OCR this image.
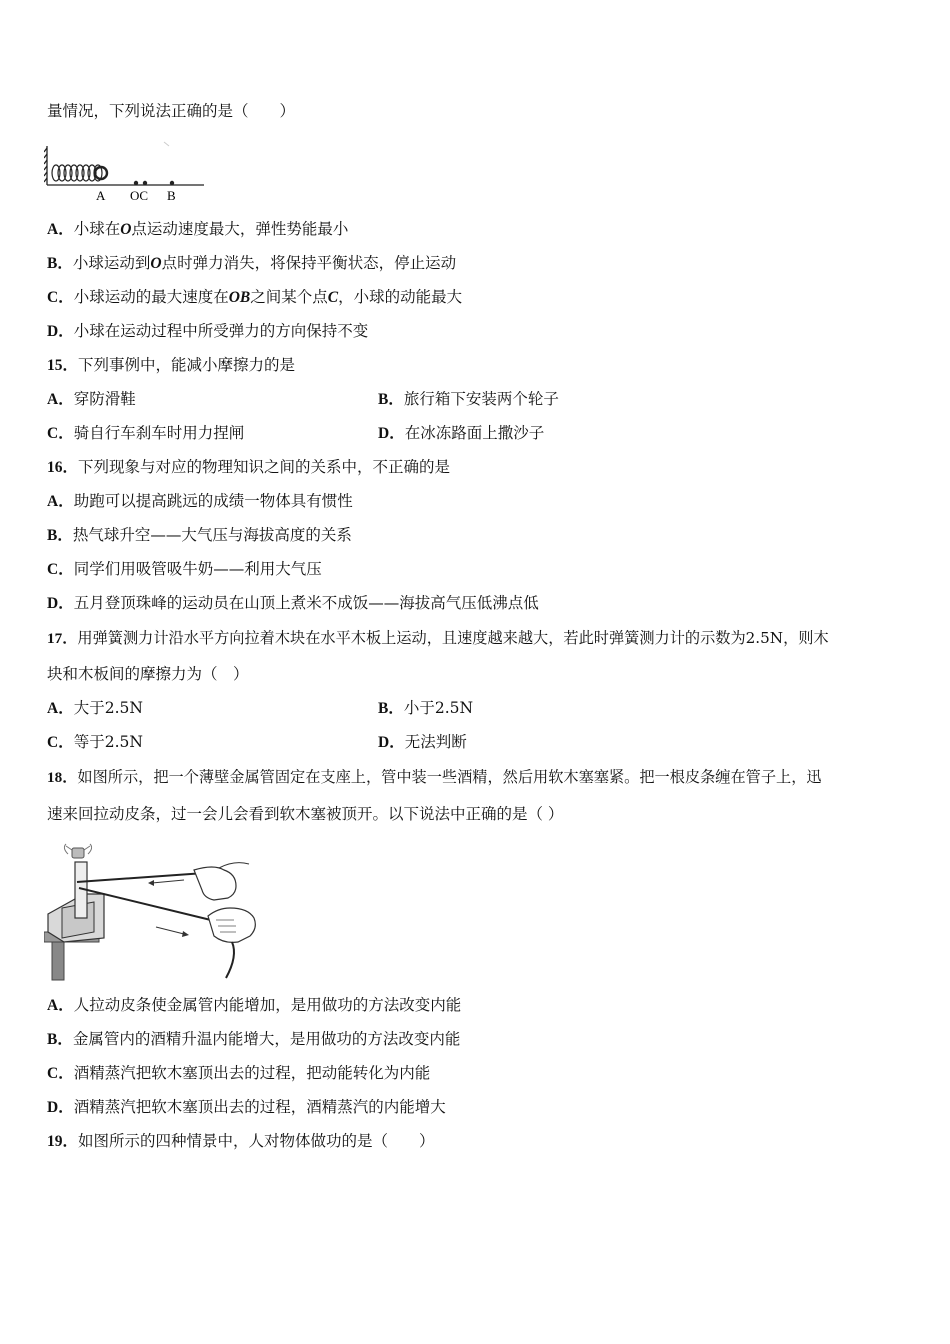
量情况，下列说法正确的是（　　）
A OC B
A．小球在O点运动速度最大，弹性势能最小
B．小球运动到O点时弹力消失，将保持平衡状态，停止运动
C．小球运动的最大速度在OB之间某个点C，小球的动能最大
D．小球在运动过程中所受弹力的方向保持不变
15．下列事例中，能减小摩擦力的是
A．穿防滑鞋	B．旅行箱下安装两个轮子
C．骑自行车刹车时用力捏闸	D．在冰冻路面上撒沙子
16．下列现象与对应的物理知识之间的关系中，不正确的是
A．助跑可以提高跳远的成绩一物体具有惯性
B．热气球升空——大气压与海拔高度的关系
C．同学们用吸管吸牛奶——利用大气压
D．五月登顶珠峰的运动员在山顶上煮米不成饭——海拔高气压低沸点低
17．用弹簧测力计沿水平方向拉着木块在水平木板上运动，且速度越来越大，若此时弹簧测力计的示数为2.5N，则木
块和木板间的摩擦力为（　）
A．大于2.5N	B．小于2.5N
C．等于2.5N	D．无法判断
18．如图所示，把一个薄壁金属管固定在支座上，管中装一些酒精，然后用软木塞塞紧。把一根皮条缠在管子上，迅
速来回拉动皮条，过一会儿会看到软木塞被顶开。以下说法中正确的是（ ）
A．人拉动皮条使金属管内能增加，是用做功的方法改变内能
B．金属管内的酒精升温内能增大，是用做功的方法改变内能
C．酒精蒸汽把软木塞顶出去的过程，把动能转化为内能
D．酒精蒸汽把软木塞顶出去的过程，酒精蒸汽的内能增大
19．如图所示的四种情景中，人对物体做功的是（　　）
